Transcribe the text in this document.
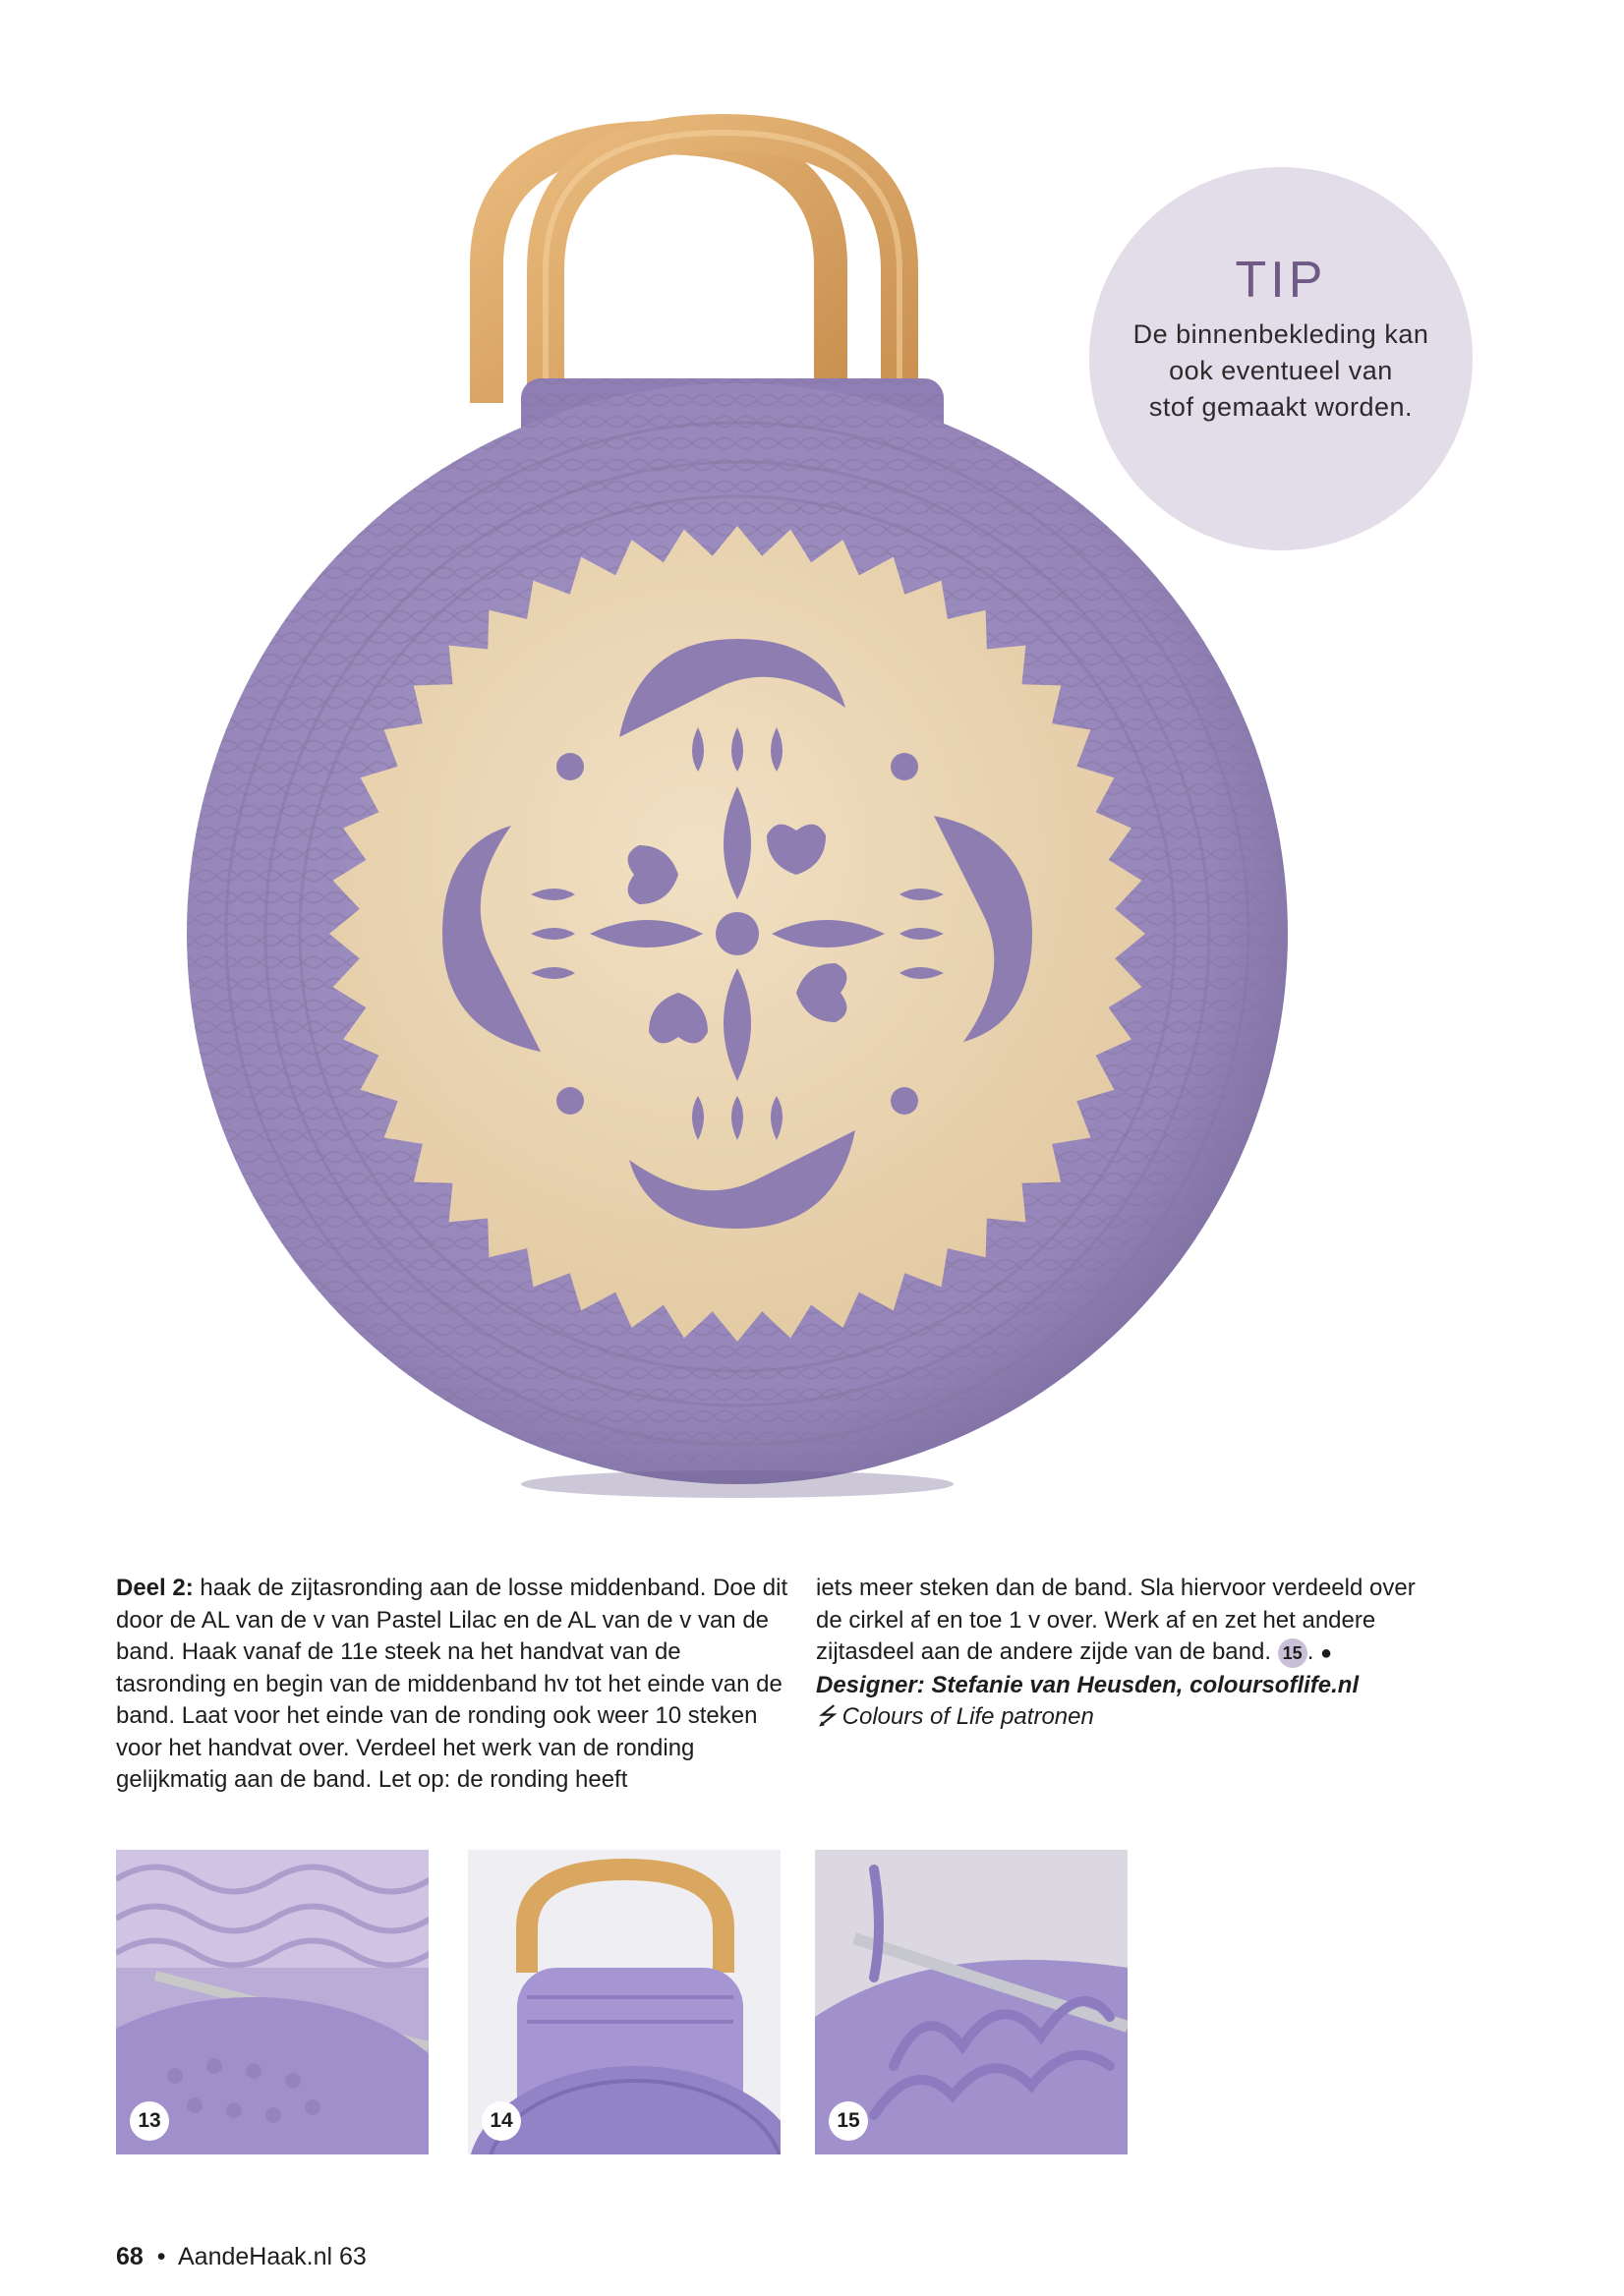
TIP
De binnenbekleding kan
ook eventueel van
stof gemaakt worden.

Deel 2: haak de zijtasronding aan de losse middenband. Doe dit door de AL van de v van Pastel Lilac en de AL van de v van de band. Haak vanaf de 11e steek na het handvat van de tasronding en begin van de middenband hv tot het einde van de band. Laat voor het einde van de ronding ook weer 10 steken voor het handvat over. Verdeel het werk van de ronding gelijkmatig aan de band. Let op: de ronding heeft

iets meer steken dan de band. Sla hiervoor verdeeld over de cirkel af en toe 1 v over. Werk af en zet het andere zijtasdeel aan de andere zijde van de band. 15 . ●

Designer: Stefanie van Heusden, coloursoflife.nl

⭍ Colours of Life patronen

13	14	15
68 • AandeHaak.nl 63
